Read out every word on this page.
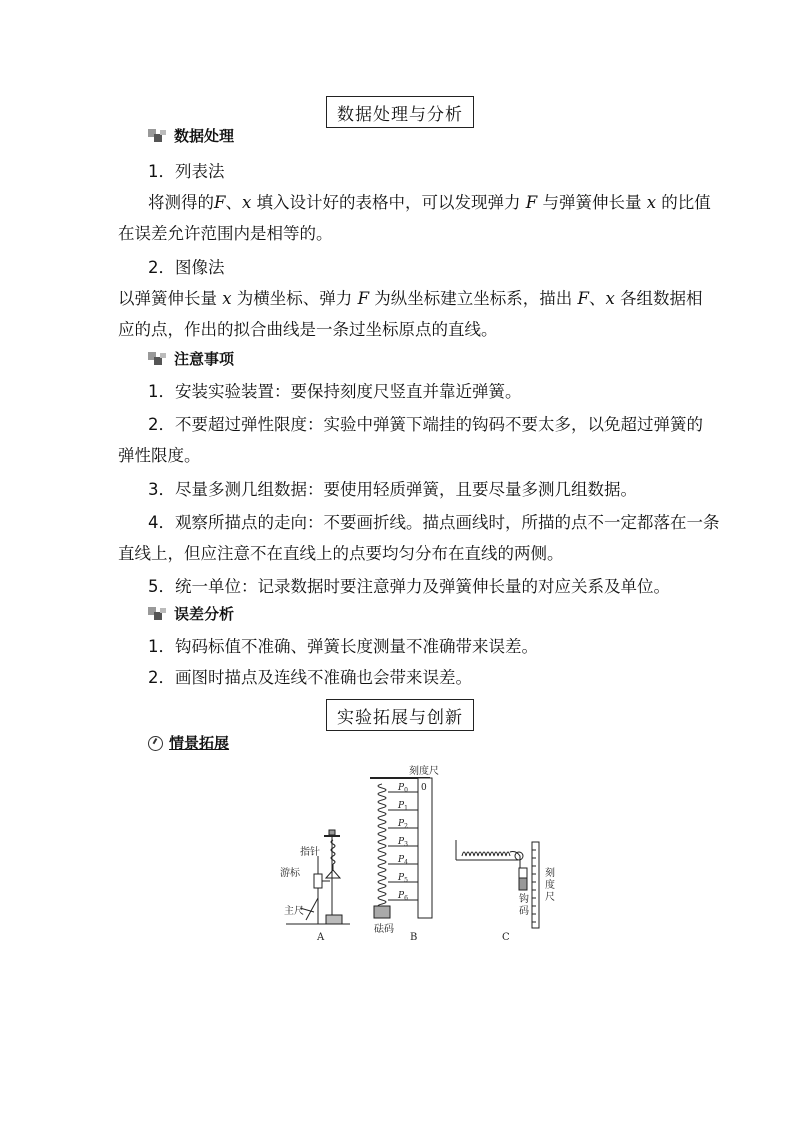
数据处理与分析
数据处理
1．列表法
将测得的F、x 填入设计好的表格中，可以发现弹力 F 与弹簧伸长量 x 的比值
在误差允许范围内是相等的。
2．图像法
以弹簧伸长量 x 为横坐标、弹力 F 为纵坐标建立坐标系，描出 F、x 各组数据相
应的点，作出的拟合曲线是一条过坐标原点的直线。
注意事项
1．安装实验装置：要保持刻度尺竖直并靠近弹簧。
2．不要超过弹性限度：实验中弹簧下端挂的钩码不要太多，以免超过弹簧的
弹性限度。
3．尽量多测几组数据：要使用轻质弹簧，且要尽量多测几组数据。
4．观察所描点的走向：不要画折线。描点画线时，所描的点不一定都落在一条
直线上，但应注意不在直线上的点要均匀分布在直线的两侧。
5．统一单位：记录数据时要注意弹力及弹簧伸长量的对应关系及单位。
误差分析
1．钩码标值不准确、弹簧长度测量不准确带来误差。
2．画图时描点及连线不准确也会带来误差。
实验拓展与创新
情景拓展
指针
游标
主尺
A
刻度尺
0
$P_0$
$P_1$
$P_2$
$P_3$
$P_4$
$P_5$
$P_6$
砝码
B
刻
度
尺
钩
码
C
